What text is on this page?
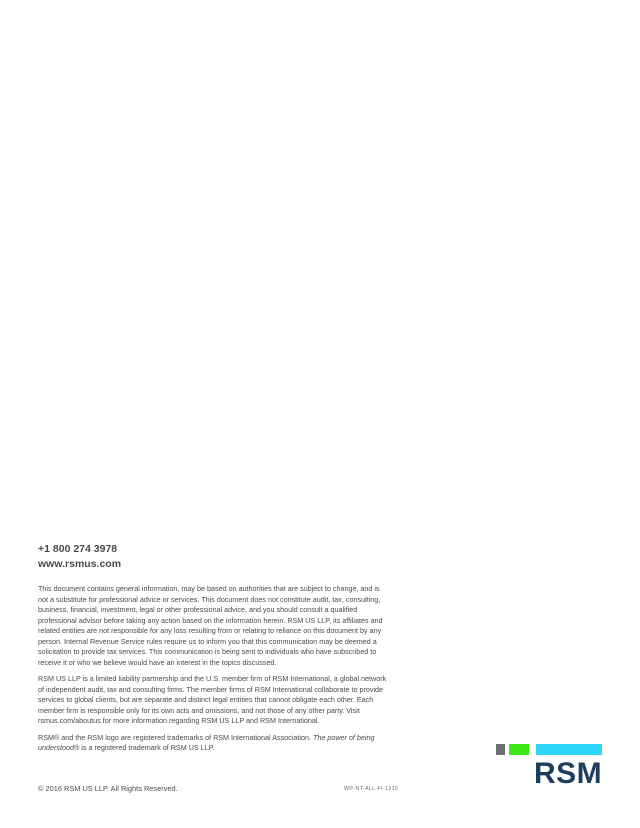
+1 800 274 3978
www.rsmus.com

This document contains general information, may be based on authorities that are subject to change, and is not a substitute for professional advice or services. This document does not constitute audit, tax, consulting, business, financial, investment, legal or other professional advice, and you should consult a qualified professional advisor before taking any action based on the information herein. RSM US LLP, its affiliates and related entities are not responsible for any loss resulting from or relating to reliance on this document by any person. Internal Revenue Service rules require us to inform you that this communication may be deemed a solicitation to provide tax services. This communication is being sent to individuals who have subscribed to receive it or who we believe would have an interest in the topics discussed.

RSM US LLP is a limited liability partnership and the U.S. member firm of RSM International, a global network of independent audit, tax and consulting firms. The member firms of RSM International collaborate to provide services to global clients, but are separate and distinct legal entities that cannot obligate each other. Each member firm is responsible only for its own acts and omissions, and not those of any other party. Visit rsmus.com/aboutus for more information regarding RSM US LLP and RSM International.

RSM® and the RSM logo are registered trademarks of RSM International Association. The power of being understood® is a registered trademark of RSM US LLP.

© 2016 RSM US LLP. All Rights Reserved.	WP-NT-ALL-FI-1215	RSM
